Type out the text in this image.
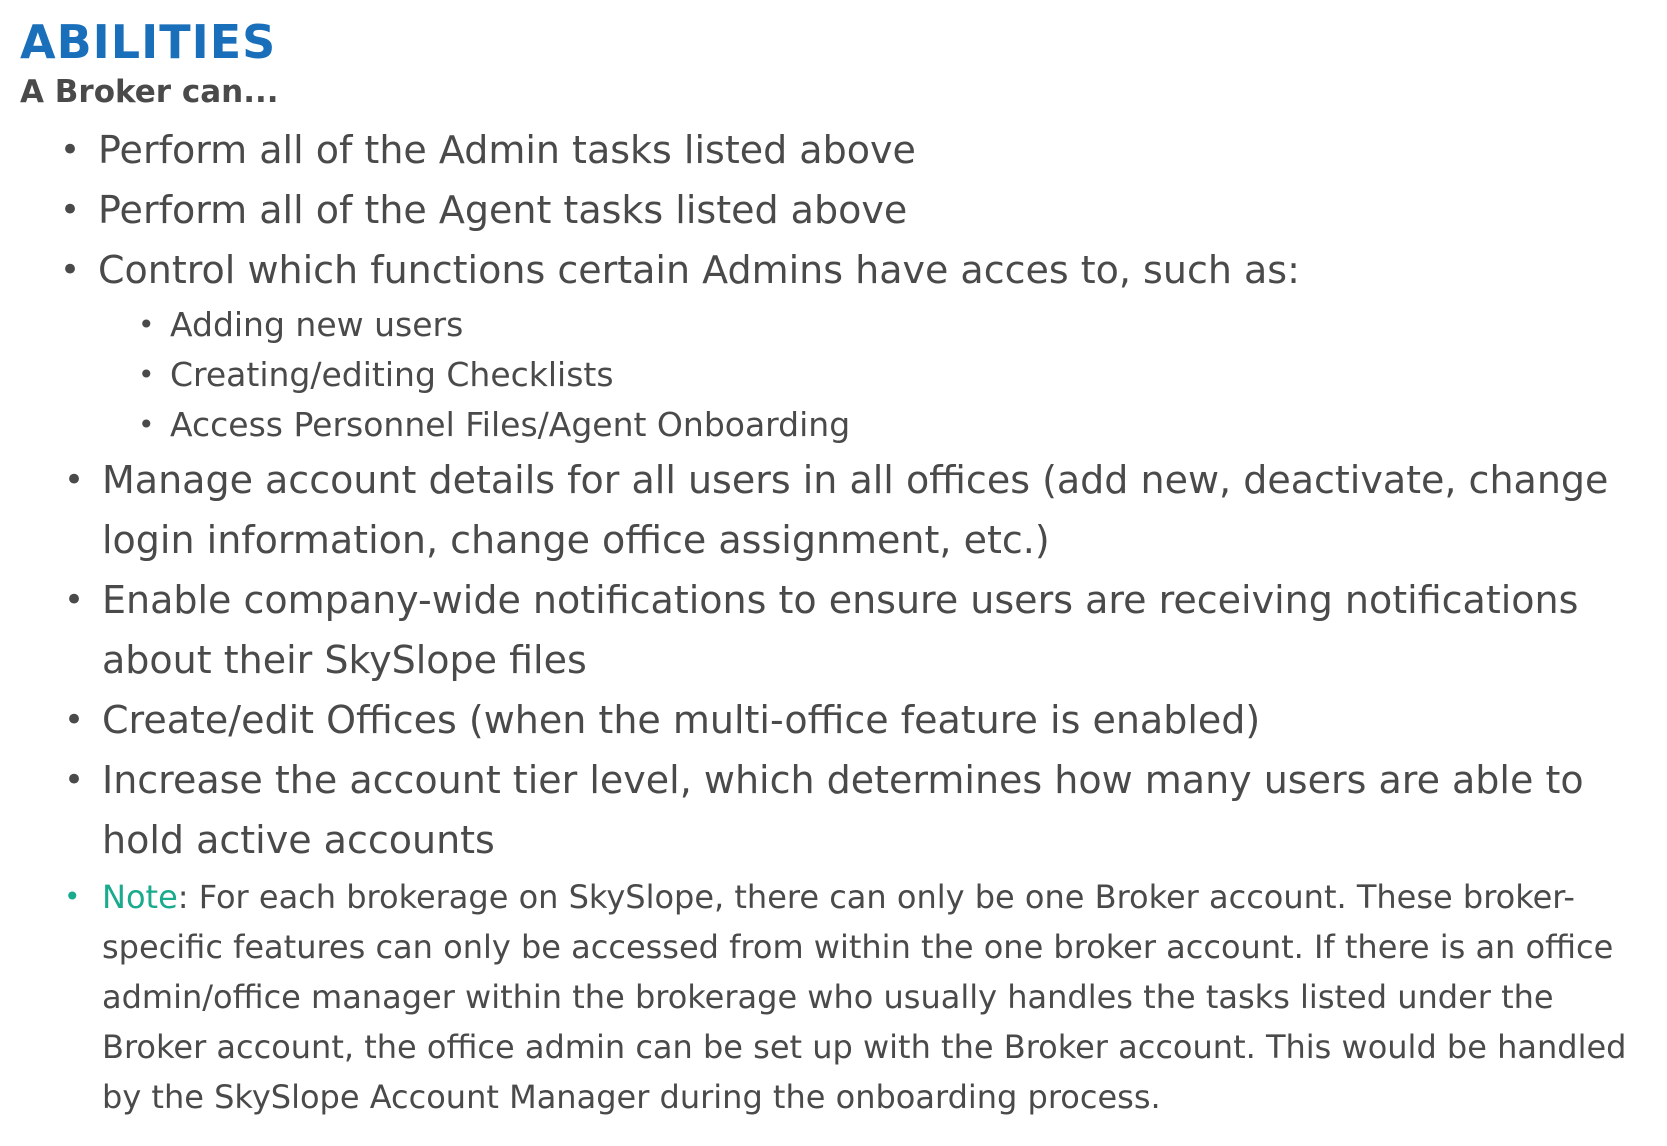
ABILITIES

A Broker can...

• Perform all of the Admin tasks listed above
• Perform all of the Agent tasks listed above
• Control which functions certain Admins have acces to, such as:
• Adding new users
• Creating/editing Checklists
• Access Personnel Files/Agent Onboarding
• Manage account details for all users in all offices (add new, deactivate, change login information, change office assignment, etc.)
• Enable company-wide notifications to ensure users are receiving notifications about their SkySlope files
• Create/edit Offices (when the multi-office feature is enabled)
• Increase the account tier level, which determines how many users are able to hold active accounts
• Note: For each brokerage on SkySlope, there can only be one Broker account. These broker-specific features can only be accessed from within the one broker account. If there is an office admin/office manager within the brokerage who usually handles the tasks listed under the Broker account, the office admin can be set up with the Broker account. This would be handled by the SkySlope Account Manager during the onboarding process.
